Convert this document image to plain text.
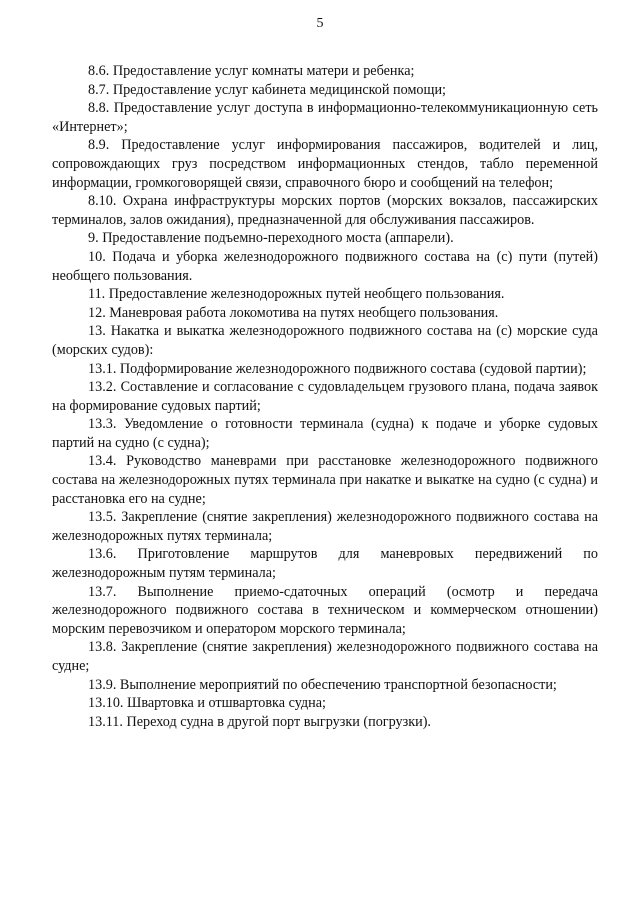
5

8.6. Предоставление услуг комнаты матери и ребенка;

8.7. Предоставление услуг кабинета медицинской помощи;

8.8. Предоставление услуг доступа в информационно-телекоммуникационную сеть «Интернет»;

8.9. Предоставление услуг информирования пассажиров, водителей и лиц, сопровождающих груз посредством информационных стендов, табло переменной информации, громкоговорящей связи, справочного бюро и сообщений на телефон;

8.10. Охрана инфраструктуры морских портов (морских вокзалов, пассажирских терминалов, залов ожидания), предназначенной для обслуживания пассажиров.

9. Предоставление подъемно-переходного моста (аппарели).

10. Подача и уборка железнодорожного подвижного состава на (с) пути (путей) необщего пользования.

11. Предоставление железнодорожных путей необщего пользования.

12. Маневровая работа локомотива на путях необщего пользования.

13. Накатка и выкатка железнодорожного подвижного состава на (с) морские суда (морских судов):

13.1. Подформирование железнодорожного подвижного состава (судовой партии);

13.2. Составление и согласование с судовладельцем грузового плана, подача заявок на формирование судовых партий;

13.3. Уведомление о готовности терминала (судна) к подаче и уборке судовых партий на судно (с судна);

13.4. Руководство маневрами при расстановке железнодорожного подвижного состава на железнодорожных путях терминала при накатке и выкатке на судно (с судна) и расстановка его на судне;

13.5. Закрепление (снятие закрепления) железнодорожного подвижного состава на железнодорожных путях терминала;

13.6. Приготовление маршрутов для маневровых передвижений по железнодорожным путям терминала;

13.7. Выполнение приемо-сдаточных операций (осмотр и передача железнодорожного подвижного состава в техническом и коммерческом отношении) морским перевозчиком и оператором морского терминала;

13.8. Закрепление (снятие закрепления) железнодорожного подвижного состава на судне;

13.9. Выполнение мероприятий по обеспечению транспортной безопасности;

13.10. Швартовка и отшвартовка судна;

13.11. Переход судна в другой порт выгрузки (погрузки).
